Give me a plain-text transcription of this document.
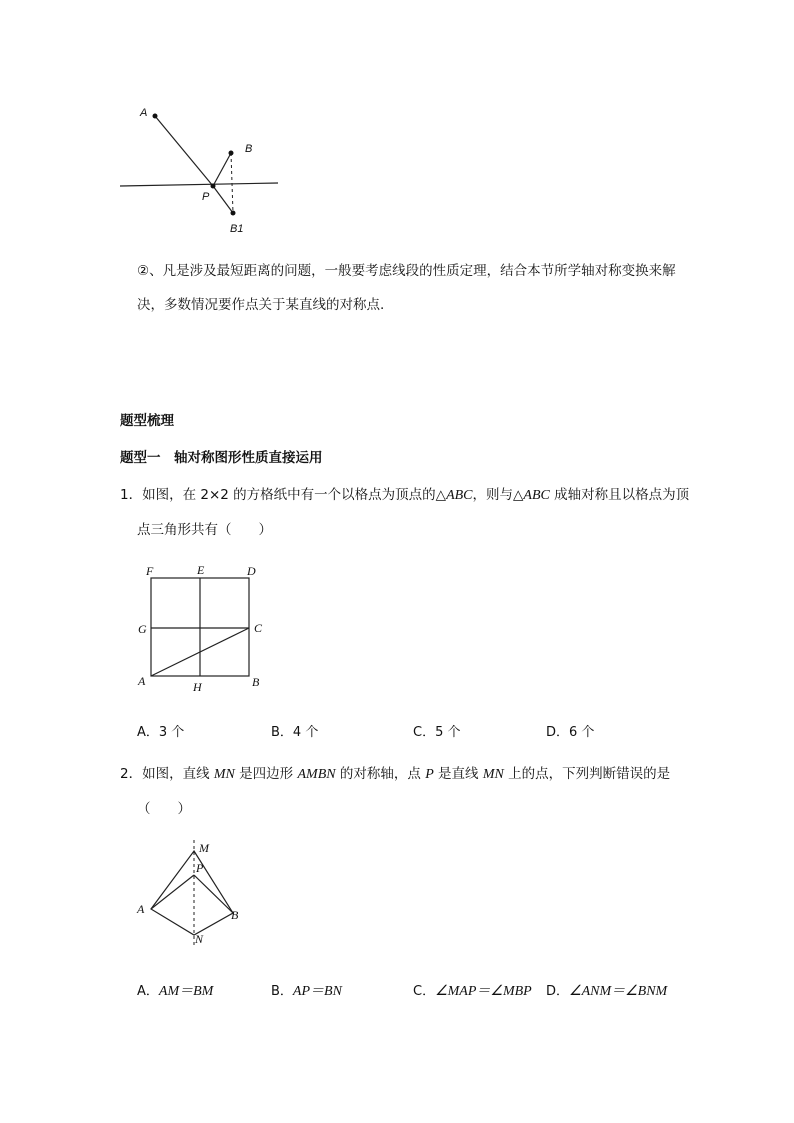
A
B
P
B1
②、凡是涉及最短距离的问题，一般要考虑线段的性质定理，结合本节所学轴对称变换来解决，多数情况要作点关于某直线的对称点.
题型梳理
题型一　轴对称图形性质直接运用
1．如图，在 2×2 的方格纸中有一个以格点为顶点的△ABC，则与△ABC 成轴对称且以格点为顶点三角形共有（　　）
F	E	D
G	C
A	H	B
A．3 个	B．4 个	C．5 个	D．6 个
2．如图，直线 MN 是四边形 AMBN 的对称轴，点 P 是直线 MN 上的点，下列判断错误的是（　　）
M
P
A	B
N
A．AM＝BM	B．AP＝BN	C．∠MAP＝∠MBP D．∠ANM＝∠BNM
